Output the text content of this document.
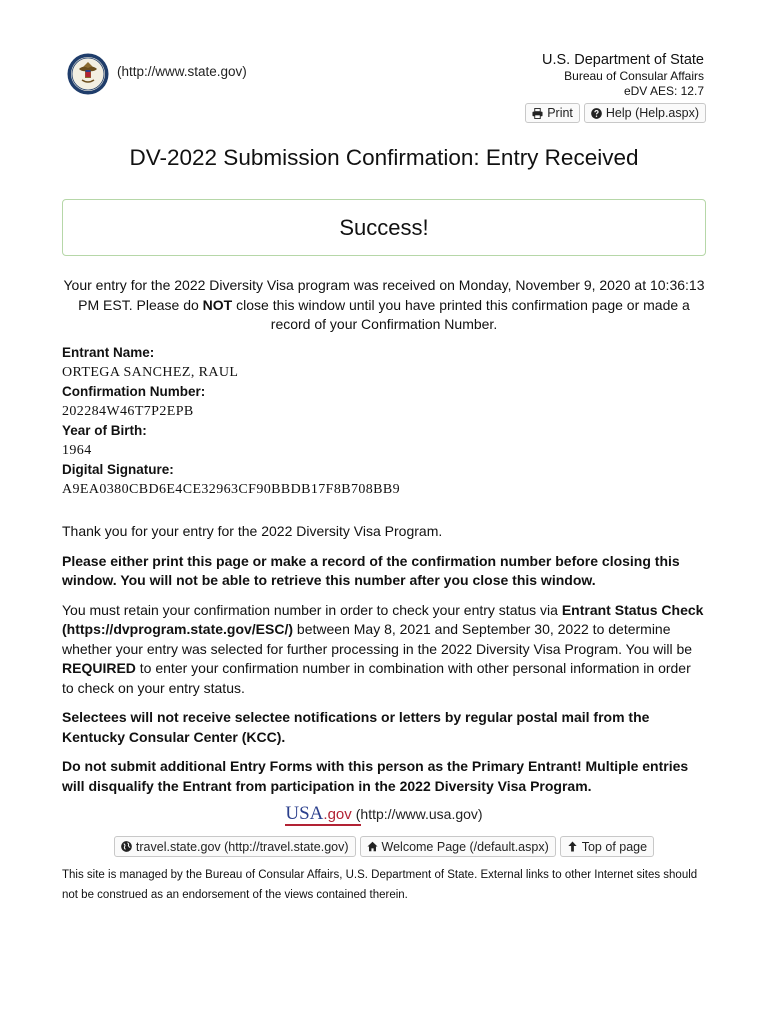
(http://www.state.gov)
U.S. Department of State
Bureau of Consular Affairs
eDV AES: 12.7
Print	Help (Help.aspx)
DV-2022 Submission Confirmation: Entry Received
Success!
Your entry for the 2022 Diversity Visa program was received on Monday, November 9, 2020 at 10:36:13 PM EST. Please do NOT close this window until you have printed this confirmation page or made a record of your Confirmation Number.
Entrant Name:
ORTEGA SANCHEZ, RAUL
Confirmation Number:
202284W46T7P2EPB
Year of Birth:
1964
Digital Signature:
A9EA0380CBD6E4CE32963CF90BBDB17F8B708BB9

Thank you for your entry for the 2022 Diversity Visa Program.

Please either print this page or make a record of the confirmation number before closing this window. You will not be able to retrieve this number after you close this window.

You must retain your confirmation number in order to check your entry status via Entrant Status Check (https://dvprogram.state.gov/ESC/) between May 8, 2021 and September 30, 2022 to determine whether your entry was selected for further processing in the 2022 Diversity Visa Program. You will be REQUIRED to enter your confirmation number in combination with other personal information in order to check on your entry status.

Selectees will not receive selectee notifications or letters by regular postal mail from the Kentucky Consular Center (KCC).

Do not submit additional Entry Forms with this person as the Primary Entrant! Multiple entries will disqualify the Entrant from participation in the 2022 Diversity Visa Program.

USA.gov (http://www.usa.gov)
travel.state.gov (http://travel.state.gov)	Welcome Page (/default.aspx)	Top of page
This site is managed by the Bureau of Consular Affairs, U.S. Department of State. External links to other Internet sites should not be construed as an endorsement of the views contained therein.
